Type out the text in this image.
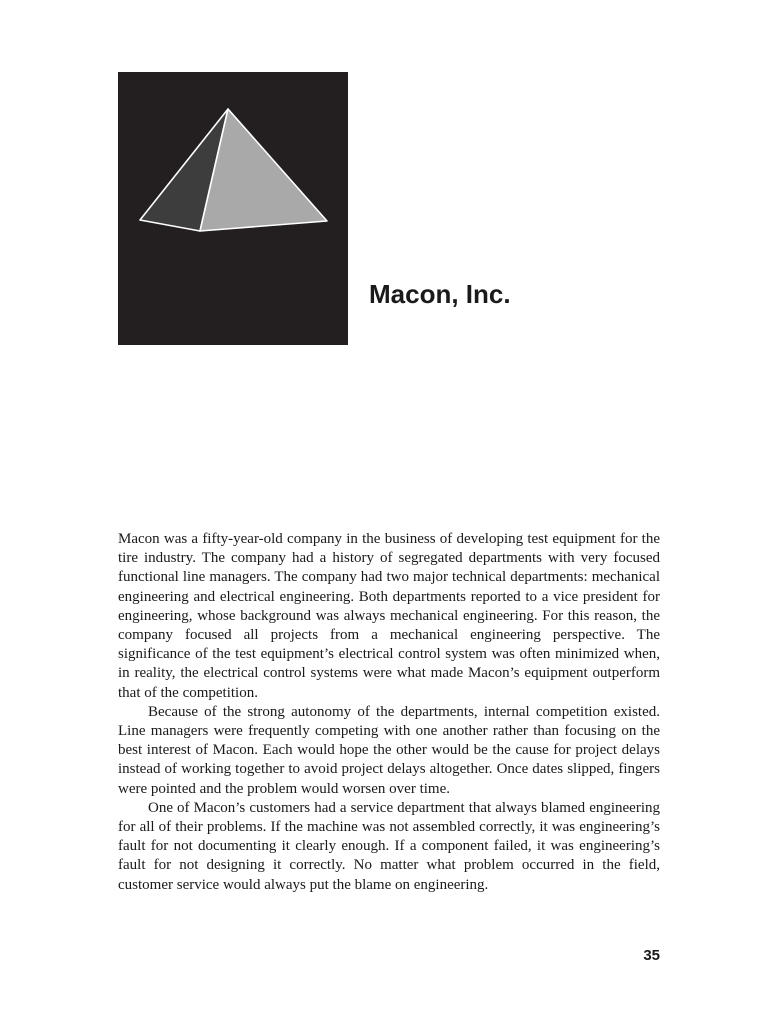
Macon, Inc.

Macon was a fifty-year-old company in the business of developing test equipment for the tire industry. The company had a history of segregated departments with very focused functional line managers. The company had two major technical departments: mechanical engineering and electrical engineering. Both departments reported to a vice president for engineering, whose background was always mechanical engineering. For this reason, the company focused all projects from a mechanical engineering perspective. The significance of the test equipment’s electrical control system was often minimized when, in reality, the electrical control systems were what made Macon’s equipment outperform that of the competition.

Because of the strong autonomy of the departments, internal competition existed. Line managers were frequently competing with one another rather than focusing on the best interest of Macon. Each would hope the other would be the cause for project delays instead of working together to avoid project delays altogether. Once dates slipped, fingers were pointed and the problem would worsen over time.

One of Macon’s customers had a service department that always blamed engineering for all of their problems. If the machine was not assembled correctly, it was engineering’s fault for not documenting it clearly enough. If a component failed, it was engineering’s fault for not designing it correctly. No matter what problem occurred in the field, customer service would always put the blame on engineering.

35
